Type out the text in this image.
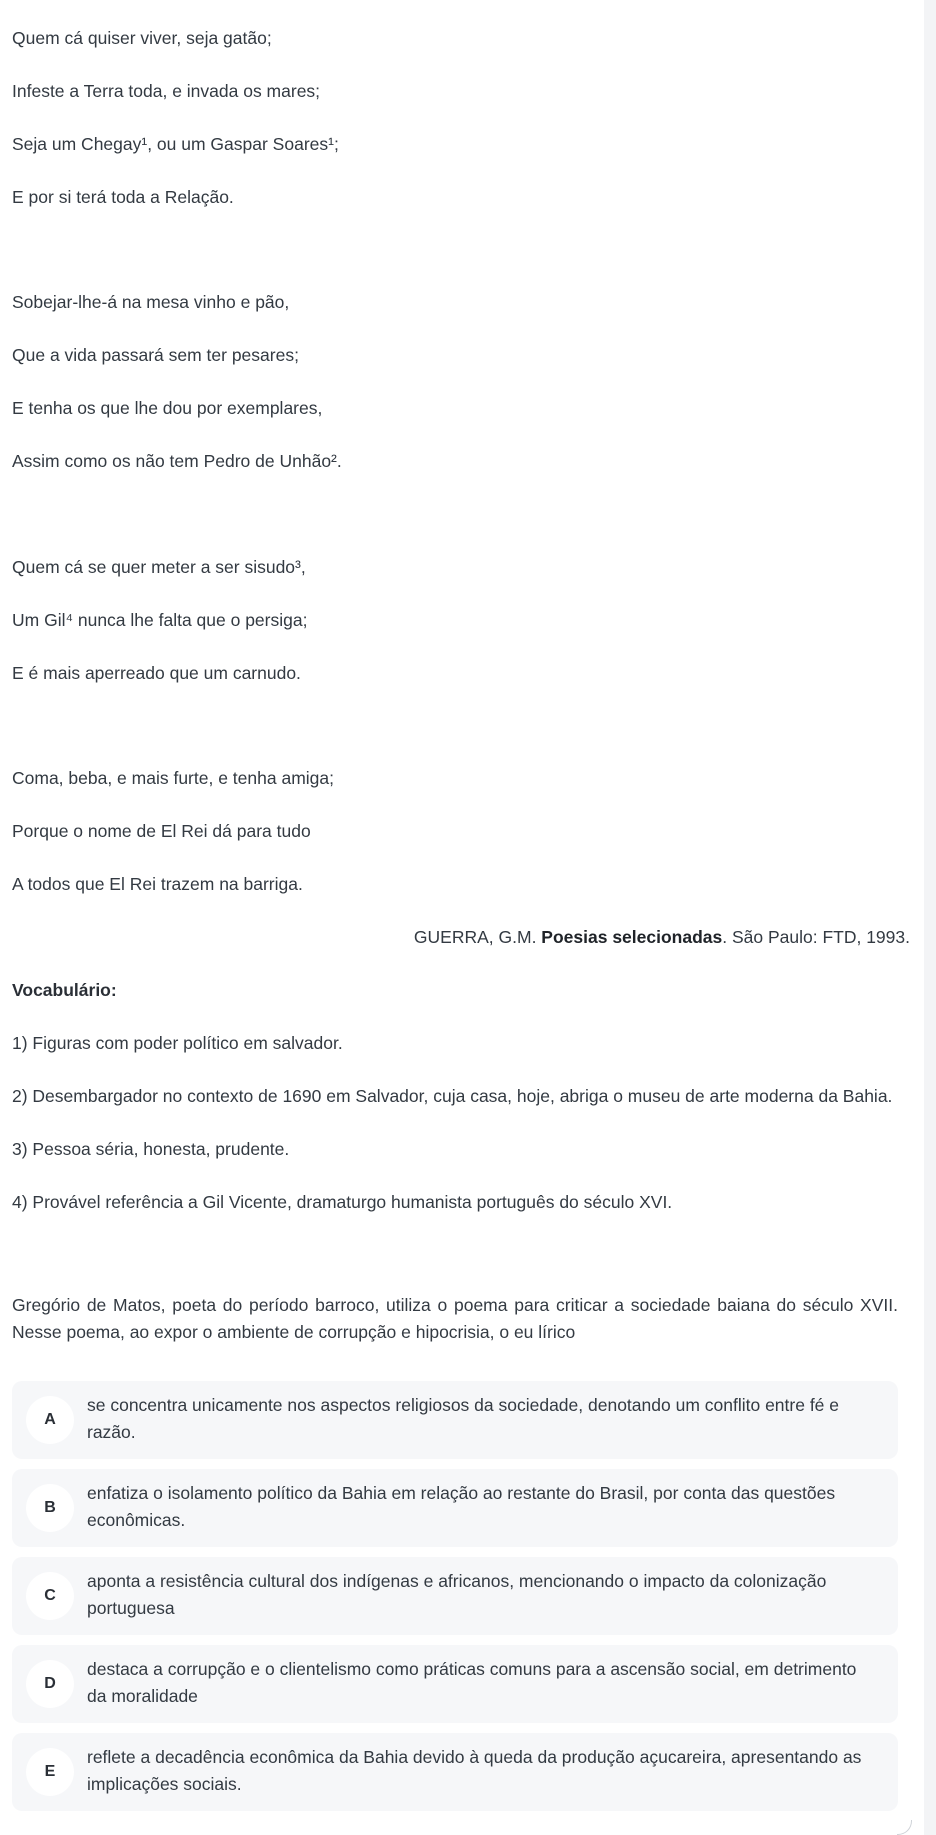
Quem cá quiser viver, seja gatão;
Infeste a Terra toda, e invada os mares;
Seja um Chegay¹, ou um Gaspar Soares¹;
E por si terá toda a Relação.
Sobejar-lhe-á na mesa vinho e pão,
Que a vida passará sem ter pesares;
E tenha os que lhe dou por exemplares,
Assim como os não tem Pedro de Unhão².
Quem cá se quer meter a ser sisudo³,
Um Gil⁴ nunca lhe falta que o persiga;
E é mais aperreado que um carnudo.
Coma, beba, e mais furte, e tenha amiga;
Porque o nome de El Rei dá para tudo
A todos que El Rei trazem na barriga.
GUERRA, G.M. Poesias selecionadas. São Paulo: FTD, 1993.
Vocabulário:
1) Figuras com poder político em salvador.
2) Desembargador no contexto de 1690 em Salvador, cuja casa, hoje, abriga o museu de arte moderna da Bahia.
3) Pessoa séria, honesta, prudente.
4) Provável referência a Gil Vicente, dramaturgo humanista português do século XVI.
Gregório de Matos, poeta do período barroco, utiliza o poema para criticar a sociedade baiana do século XVII. Nesse poema, ao expor o ambiente de corrupção e hipocrisia, o eu lírico
A
se concentra unicamente nos aspectos religiosos da sociedade, denotando um conflito entre fé e razão.
B
enfatiza o isolamento político da Bahia em relação ao restante do Brasil, por conta das questões econômicas.
C
aponta a resistência cultural dos indígenas e africanos, mencionando o impacto da colonização portuguesa
D
destaca a corrupção e o clientelismo como práticas comuns para a ascensão social, em detrimento da moralidade
E
reflete a decadência econômica da Bahia devido à queda da produção açucareira, apresentando as implicações sociais.
